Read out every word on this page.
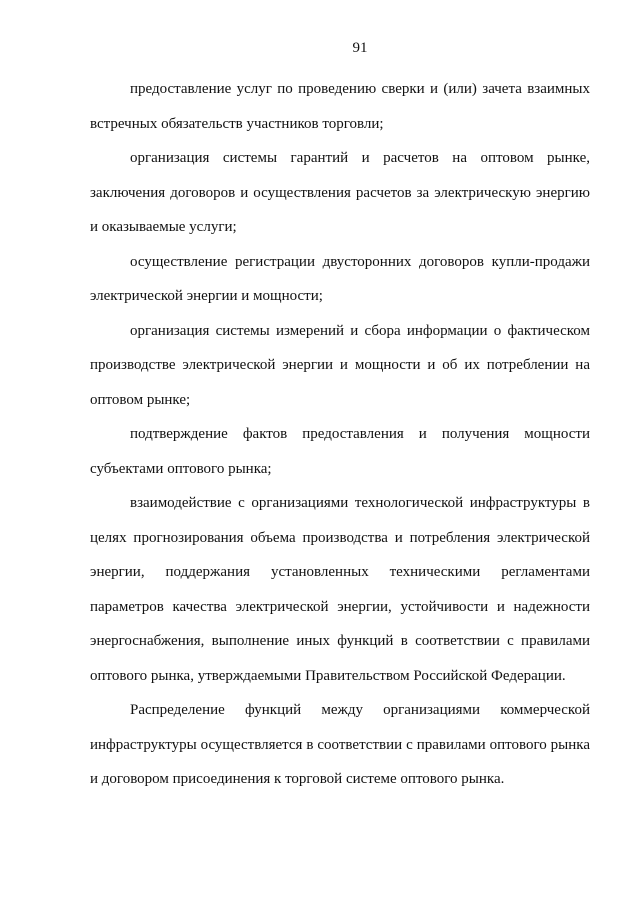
91
предоставление услуг по проведению сверки и (или) зачета взаимных
встречных обязательств участников торговли;
организация системы гарантий и расчетов на оптовом рынке,
заключения договоров и осуществления расчетов за электрическую энергию
и оказываемые услуги;
осуществление регистрации двусторонних договоров купли-продажи
электрической энергии и мощности;
организация системы измерений и сбора информации о фактическом
производстве электрической энергии и мощности и об их потреблении на
оптовом рынке;
подтверждение фактов предоставления и получения мощности
субъектами оптового рынка;
взаимодействие с организациями технологической инфраструктуры в
целях прогнозирования объема производства и потребления электрической
энергии, поддержания установленных техническими регламентами
параметров качества электрической энергии, устойчивости и надежности
энергоснабжения, выполнение иных функций в соответствии с правилами
оптового рынка, утверждаемыми Правительством Российской Федерации.
Распределение функций между организациями коммерческой
инфраструктуры осуществляется в соответствии с правилами оптового рынка
и договором присоединения к торговой системе оптового рынка.
